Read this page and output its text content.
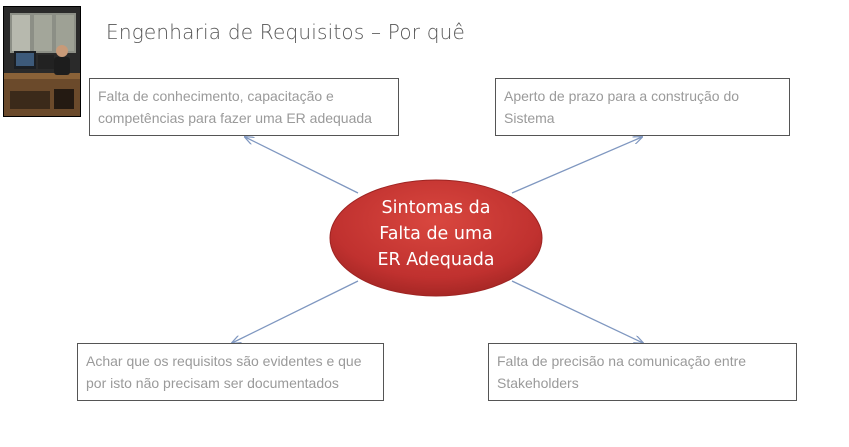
Engenharia de Requisitos – Por quê
Sintomas da
Falta de uma
ER Adequada
Falta de conhecimento, capacitação e
competências para fazer uma ER adequada
Aperto de prazo para a construção do
Sistema
Achar que os requisitos são evidentes e que
por isto não precisam ser documentados
Falta de precisão na comunicação entre
Stakeholders
